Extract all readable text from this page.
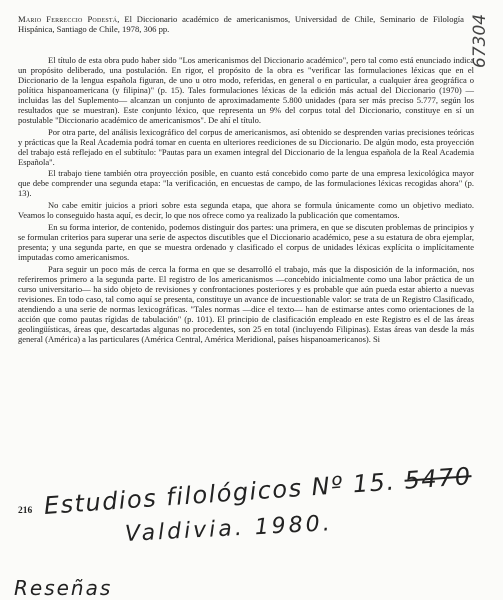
67304
Mario Ferreccio Podestá, El Diccionario académico de americanismos, Universidad de Chile, Seminario de Filología Hispánica, Santiago de Chile, 1978, 306 pp.

El título de esta obra pudo haber sido "Los americanismos del Diccionario académico", pero tal como está enunciado indica un propósito deliberado, una postulación. En rigor, el propósito de la obra es "verificar las formulaciones léxicas que en el Diccionario de la lengua española figuran, de uno u otro modo, referidas, en general o en particular, a cualquier área geográfica o política hispanoamericana (y filipina)" (p. 15). Tales formulaciones léxicas de la edición más actual del Diccionario (1970) —incluidas las del Suplemento— alcanzan un conjunto de aproximadamente 5.800 unidades (para ser más preciso 5.777, según los resultados que se muestran). Este conjunto léxico, que representa un 9% del corpus total del Diccionario, constituye en sí un postulable "Diccionario académico de americanismos". De ahí el título.

Por otra parte, del análisis lexicográfico del corpus de americanismos, así obtenido se desprenden varias precisiones teóricas y prácticas que la Real Academia podrá tomar en cuenta en ulteriores reediciones de su Diccionario. De algún modo, esta proyección del trabajo está reflejado en el subtítulo: "Pautas para un examen integral del Diccionario de la lengua española de la Real Academia Española".

El trabajo tiene también otra proyección posible, en cuanto está concebido como parte de una empresa lexicológica mayor que debe comprender una segunda etapa: "la verificación, en encuestas de campo, de las formulaciones léxicas recogidas ahora" (p. 13).

No cabe emitir juicios a priori sobre esta segunda etapa, que ahora se formula únicamente como un objetivo mediato. Veamos lo conseguido hasta aquí, es decir, lo que nos ofrece como ya realizado la publicación que comentamos.

En su forma interior, de contenido, podemos distinguir dos partes: una primera, en que se discuten problemas de principios y se formulan criterios para superar una serie de aspectos discutibles que el Diccionario académico, pese a su estatura de obra ejemplar, presenta; y una segunda parte, en que se muestra ordenado y clasificado el corpus de unidades léxicas explícita o implícitamente imputadas como americanismos.

Para seguir un poco más de cerca la forma en que se desarrolló el trabajo, más que la disposición de la información, nos referiremos primero a la segunda parte. El registro de los americanismos —concebido inicialmente como una labor práctica de un curso universitario— ha sido objeto de revisiones y confrontaciones posteriores y es probable que aún pueda estar abierto a nuevas revisiones. En todo caso, tal como aquí se presenta, constituye un avance de incuestionable valor: se trata de un Registro Clasificado, atendiendo a una serie de normas lexicográficas. "Tales normas —dice el texto— han de estimarse antes como orientaciones de la acción que como pautas rígidas de tabulación" (p. 101). El principio de clasificación empleado en este Registro es el de las áreas geolingüísticas, áreas que, descartadas algunas no procedentes, son 25 en total (incluyendo Filipinas). Estas áreas van desde la más general (América) a las particulares (América Central, América Meridional, países hispanoamericanos). Si

216 Estudios filológicos Nº 15. 5470
Valdivia. 1980.
Reseñas
